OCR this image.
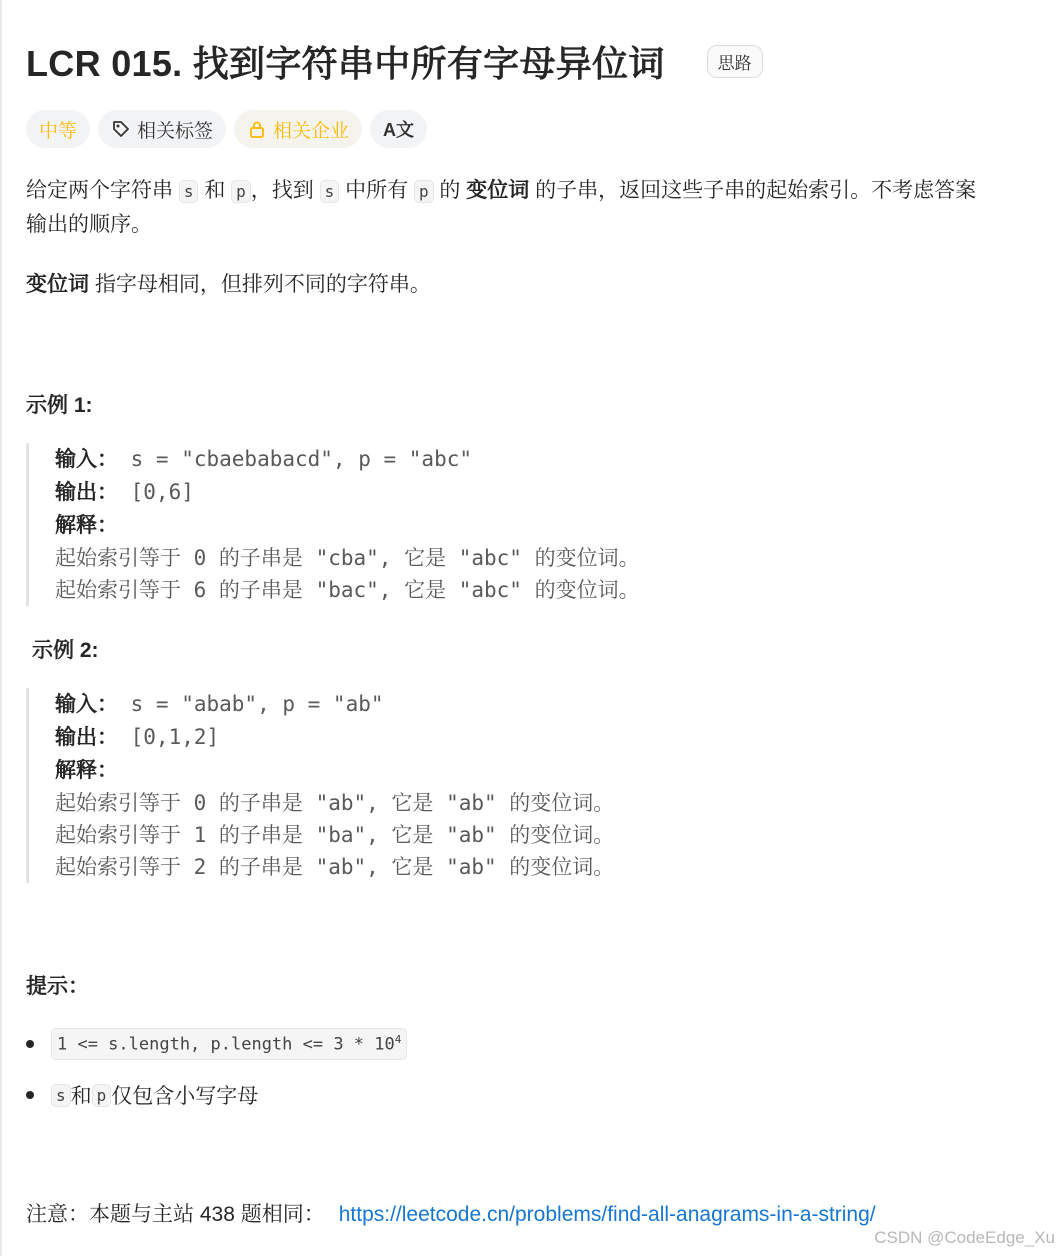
LCR 015. 找到字符串中所有字母异位词	思路
中等	相关标签	相关企业 A文
给定两个字符串 s 和 p ，找到 s 中所有 p 的 变位词 的子串，返回这些子串的起始索引。不考虑答案
输出的顺序。
变位词 指字母相同，但排列不同的字符串。
示例 1:
输入： s = "cbaebabacd", p = "abc"
输出： [0,6]
解释：
起始索引等于 0 的子串是 "cba", 它是 "abc" 的变位词。
起始索引等于 6 的子串是 "bac", 它是 "abc" 的变位词。
示例 2:
输入： s = "abab", p = "ab"
输出： [0,1,2]
解释：
起始索引等于 0 的子串是 "ab", 它是 "ab" 的变位词。
起始索引等于 1 的子串是 "ba", 它是 "ab" 的变位词。
起始索引等于 2 的子串是 "ab", 它是 "ab" 的变位词。
提示：
1 <= s.length, p.length <= $3 * 10^4$
s 和 p 仅包含小写字母
注意：本题与主站 438 题相同： https://leetcode.cn/problems/find-all-anagrams-in-a-string/
CSDN @CodeEdge_Xu
